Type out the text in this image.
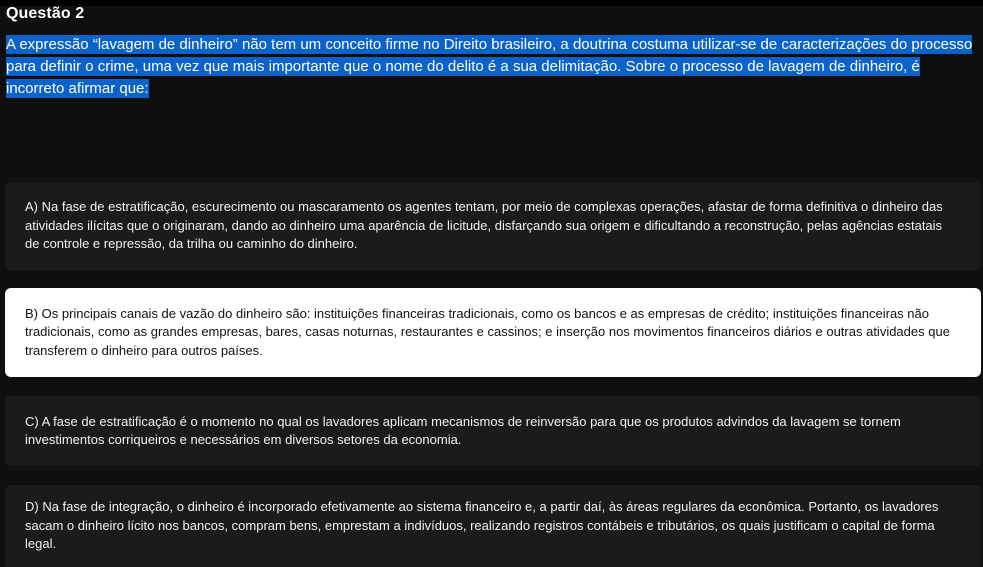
Questão 2

A expressão “lavagem de dinheiro” não tem um conceito firme no Direito brasileiro, a doutrina costuma utilizar-se de caracterizações do processo para definir o crime, uma vez que mais importante que o nome do delito é a sua delimitação. Sobre o processo de lavagem de dinheiro, é incorreto afirmar que:

A) Na fase de estratificação, escurecimento ou mascaramento os agentes tentam, por meio de complexas operações, afastar de forma definitiva o dinheiro das atividades ilícitas que o originaram, dando ao dinheiro uma aparência de licitude, disfarçando sua origem e dificultando a reconstrução, pelas agências estatais de controle e repressão, da trilha ou caminho do dinheiro.

B) Os principais canais de vazão do dinheiro são: instituições financeiras tradicionais, como os bancos e as empresas de crédito; instituições financeiras não tradicionais, como as grandes empresas, bares, casas noturnas, restaurantes e cassinos; e inserção nos movimentos financeiros diários e outras atividades que transferem o dinheiro para outros países.

C) A fase de estratificação é o momento no qual os lavadores aplicam mecanismos de reinversão para que os produtos advindos da lavagem se tornem investimentos corriqueiros e necessários em diversos setores da economia.

D) Na fase de integração, o dinheiro é incorporado efetivamente ao sistema financeiro e, a partir daí, às áreas regulares da econômica. Portanto, os lavadores sacam o dinheiro lícito nos bancos, compram bens, emprestam a indivíduos, realizando registros contábeis e tributários, os quais justificam o capital de forma legal.
